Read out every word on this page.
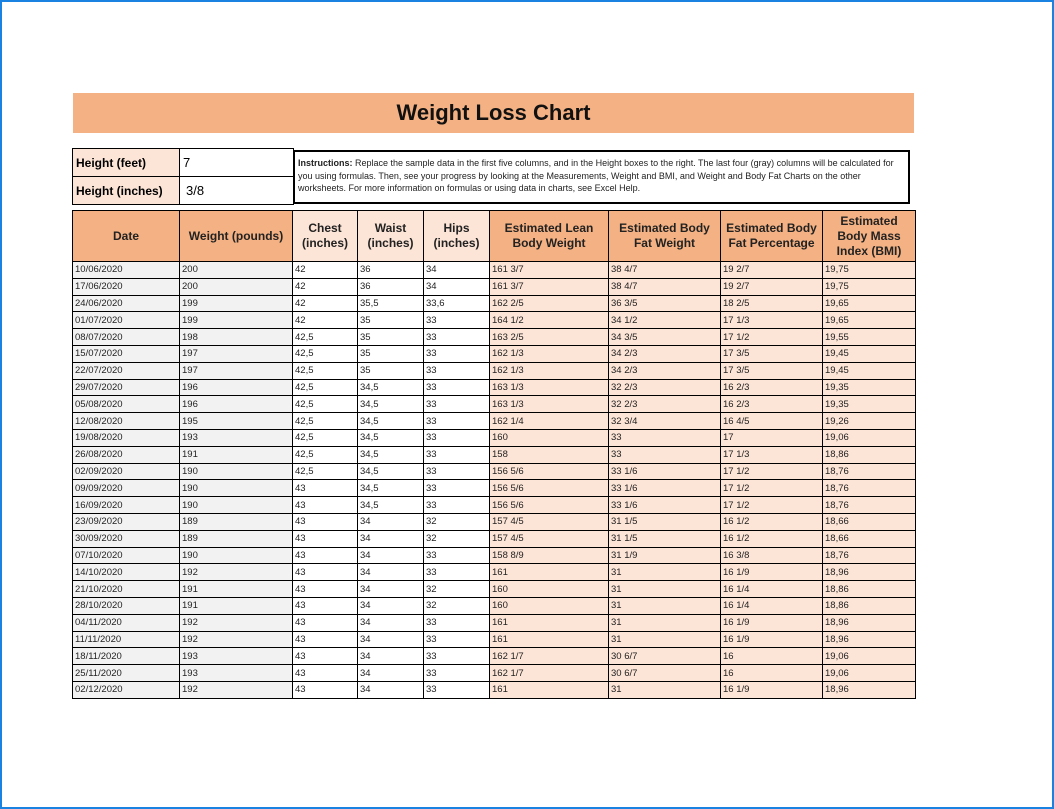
Weight Loss Chart
Height (feet)	7
Height (inches)	3/8
Instructions: Replace the sample data in the first five columns, and in the Height boxes to the right. The last four (gray) columns will be calculated for you using formulas. Then, see your progress by looking at the Measurements, Weight and BMI, and Weight and Body Fat Charts on the other worksheets. For more information on formulas or using data in charts, see Excel Help.
Date	Weight (pounds)	Chest (inches)	Waist (inches)	Hips (inches)	Estimated Lean Body Weight	Estimated Body Fat Weight	Estimated Body Fat Percentage	Estimated Body Mass Index (BMI)
10/06/2020	200	42	36	34	161 3/7	38 4/7	19 2/7	19,75
17/06/2020	200	42	36	34	161 3/7	38 4/7	19 2/7	19,75
24/06/2020	199	42	35,5	33,6	162 2/5	36 3/5	18 2/5	19,65
01/07/2020	199	42	35	33	164 1/2	34 1/2	17 1/3	19,65
08/07/2020	198	42,5	35	33	163 2/5	34 3/5	17 1/2	19,55
15/07/2020	197	42,5	35	33	162 1/3	34 2/3	17 3/5	19,45
22/07/2020	197	42,5	35	33	162 1/3	34 2/3	17 3/5	19,45
29/07/2020	196	42,5	34,5	33	163 1/3	32 2/3	16 2/3	19,35
05/08/2020	196	42,5	34,5	33	163 1/3	32 2/3	16 2/3	19,35
12/08/2020	195	42,5	34,5	33	162 1/4	32 3/4	16 4/5	19,26
19/08/2020	193	42,5	34,5	33	160	33	17	19,06
26/08/2020	191	42,5	34,5	33	158	33	17 1/3	18,86
02/09/2020	190	42,5	34,5	33	156 5/6	33 1/6	17 1/2	18,76
09/09/2020	190	43	34,5	33	156 5/6	33 1/6	17 1/2	18,76
16/09/2020	190	43	34,5	33	156 5/6	33 1/6	17 1/2	18,76
23/09/2020	189	43	34	32	157 4/5	31 1/5	16 1/2	18,66
30/09/2020	189	43	34	32	157 4/5	31 1/5	16 1/2	18,66
07/10/2020	190	43	34	33	158 8/9	31 1/9	16 3/8	18,76
14/10/2020	192	43	34	33	161	31	16 1/9	18,96
21/10/2020	191	43	34	32	160	31	16 1/4	18,86
28/10/2020	191	43	34	32	160	31	16 1/4	18,86
04/11/2020	192	43	34	33	161	31	16 1/9	18,96
11/11/2020	192	43	34	33	161	31	16 1/9	18,96
18/11/2020	193	43	34	33	162 1/7	30 6/7	16	19,06
25/11/2020	193	43	34	33	162 1/7	30 6/7	16	19,06
02/12/2020	192	43	34	33	161	31	16 1/9	18,96
